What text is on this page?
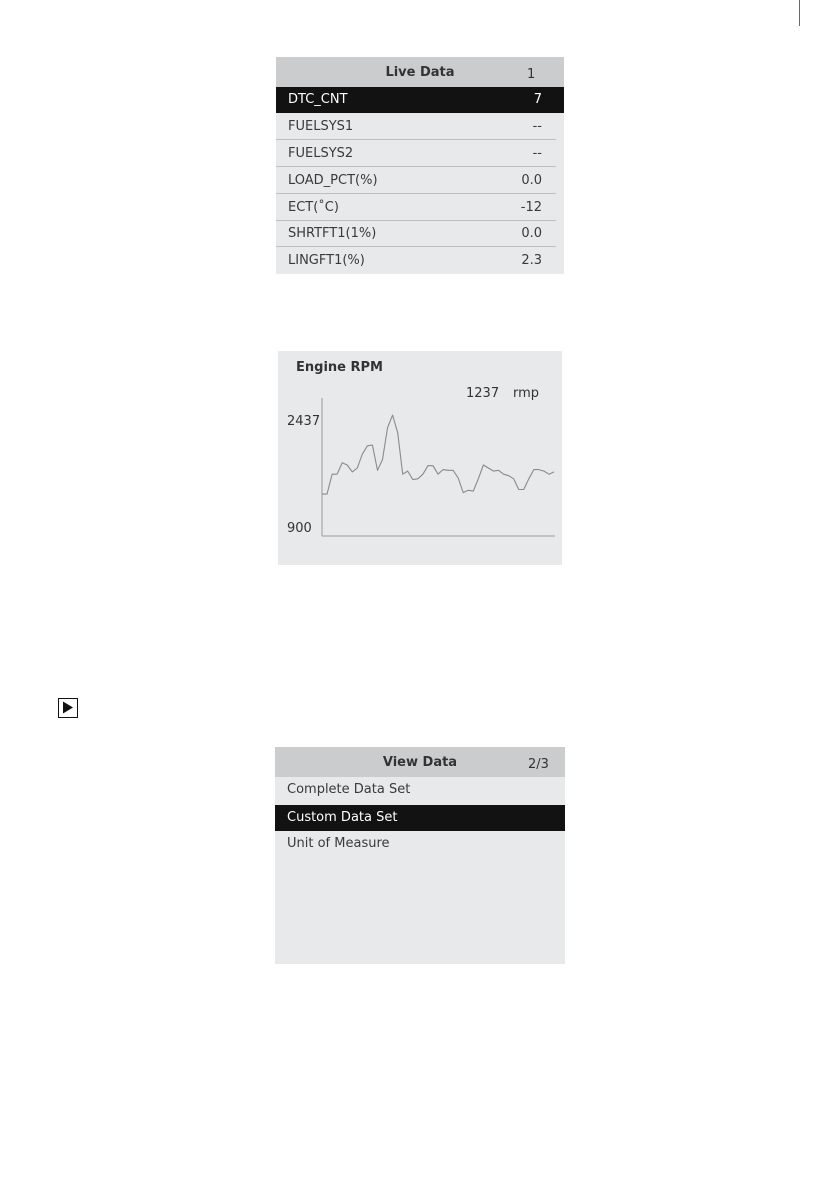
Live Data	1
DTC_CNT	7
FUELSYS1	--
FUELSYS2	--
LOAD_PCT(%)	0.0
ECT(˚C)	-12
SHRTFT1(1%)	0.0
LINGFT1(%)	2.3
Engine RPM
1237 rmp
2437
900
View Data	2/3
Complete Data Set
Custom Data Set
Unit of Measure
